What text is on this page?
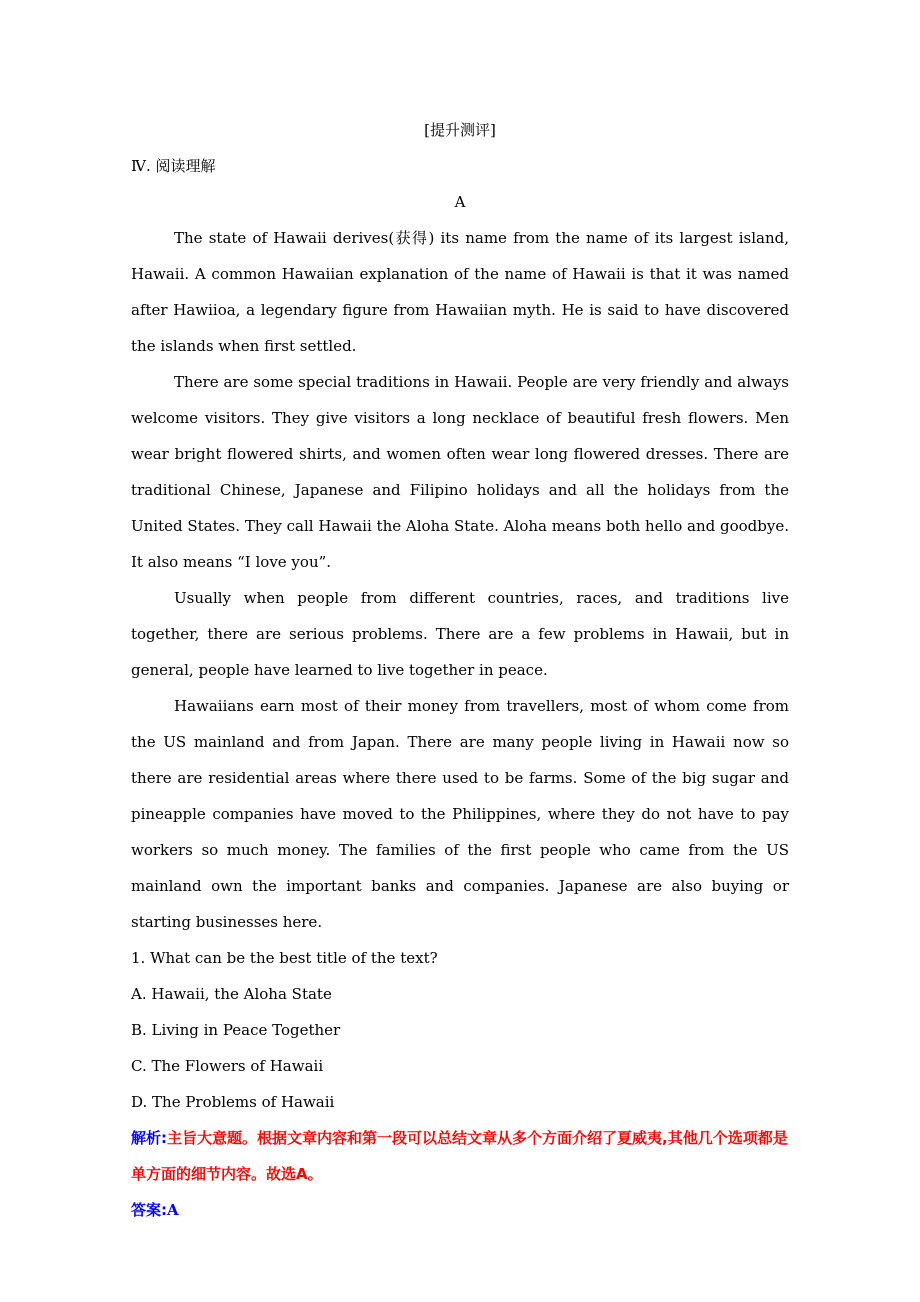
[提升测评]
Ⅳ. 阅读理解
A

The state of Hawaii derives(获得) its name from the name of its largest island, Hawaii. A common Hawaiian explanation of the name of Hawaii is that it was named after Hawiioa, a legendary figure from Hawaiian myth. He is said to have discovered the islands when first settled.

There are some special traditions in Hawaii. People are very friendly and always welcome visitors. They give visitors a long necklace of beautiful fresh flowers. Men wear bright flowered shirts, and women often wear long flowered dresses. There are traditional Chinese, Japanese and Filipino holidays and all the holidays from the United States. They call Hawaii the Aloha State. Aloha means both hello and goodbye. It also means “I love you”.

Usually when people from different countries, races, and traditions live together, there are serious problems. There are a few problems in Hawaii, but in general, people have learned to live together in peace.

Hawaiians earn most of their money from travellers, most of whom come from the US mainland and from Japan. There are many people living in Hawaii now so there are residential areas where there used to be farms. Some of the big sugar and pineapple companies have moved to the Philippines, where they do not have to pay workers so much money. The families of the first people who came from the US mainland own the important banks and companies. Japanese are also buying or starting businesses here.

1. What can be the best title of the text?

A. Hawaii, the Aloha State

B. Living in Peace Together

C. The Flowers of Hawaii

D. The Problems of Hawaii

解析:主旨大意题。根据文章内容和第一段可以总结文章从多个方面介绍了夏威夷,其他几个选项都是单方面的细节内容。故选A。

答案:A
